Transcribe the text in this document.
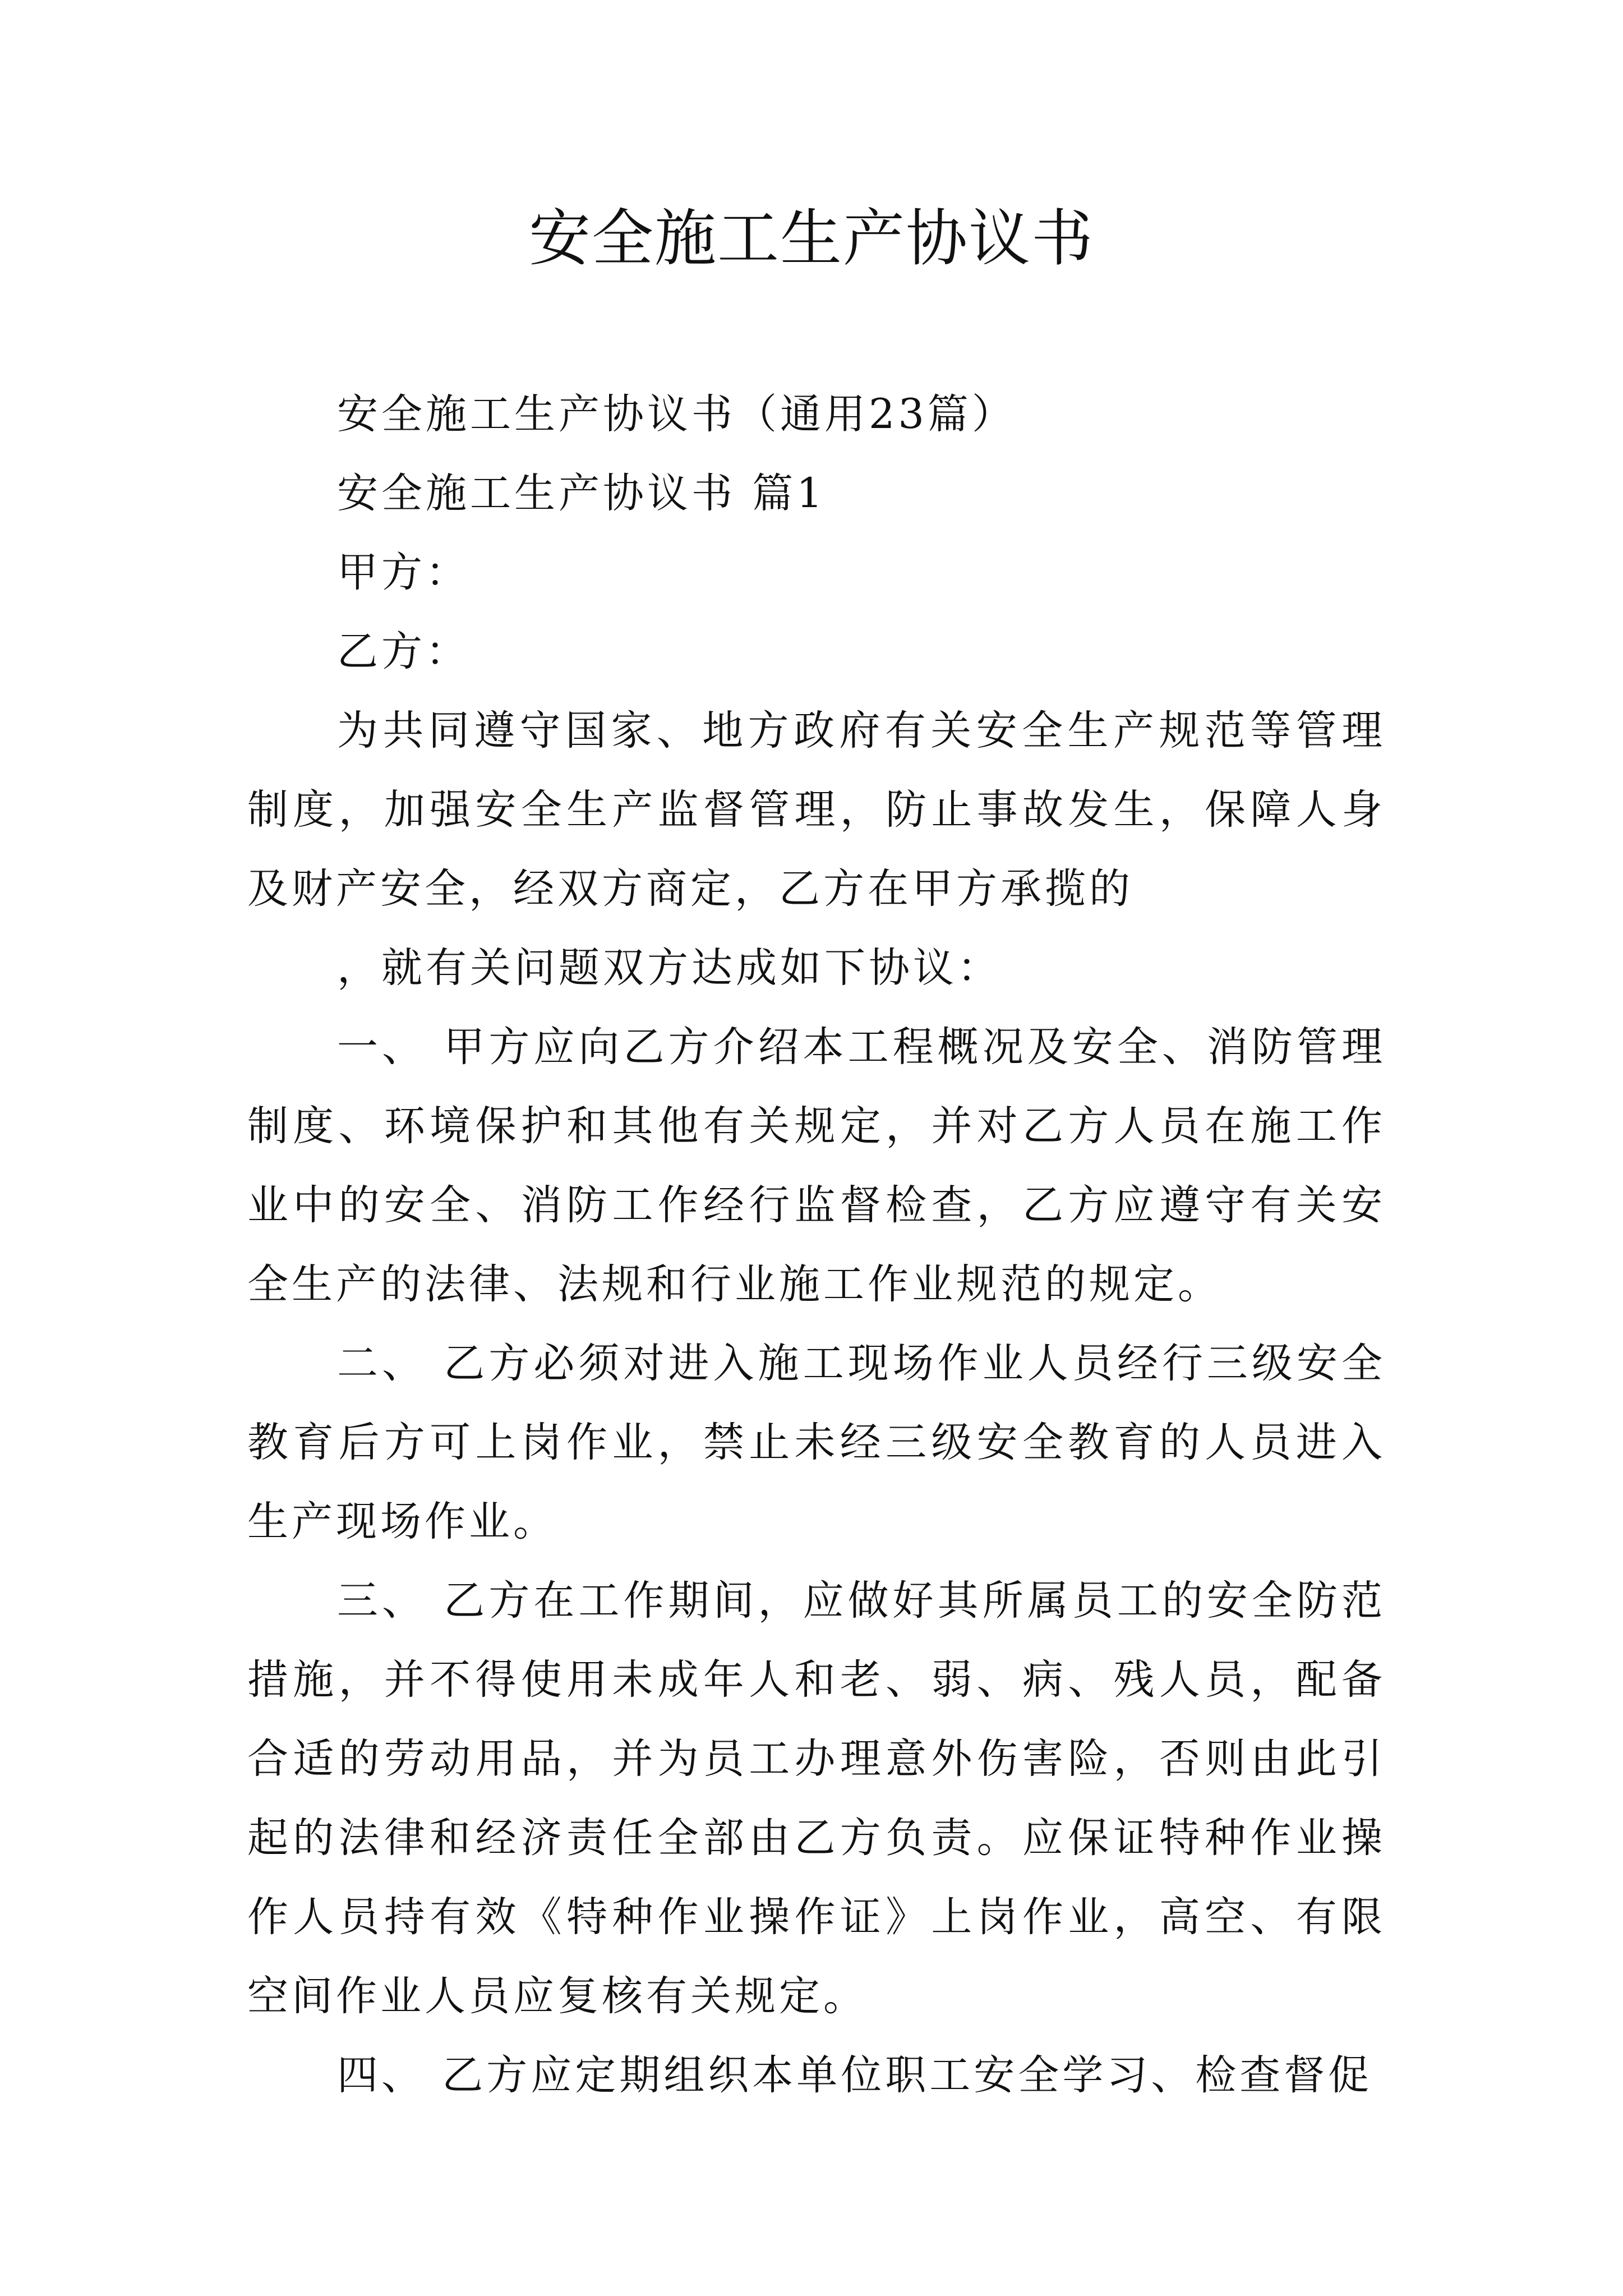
安全施工生产协议书

安全施工生产协议书（通用23篇）

安全施工生产协议书 篇1

甲方：

乙方：

为共同遵守国家、地方政府有关安全生产规范等管理制度，加强安全生产监督管理，防止事故发生，保障人身及财产安全，经双方商定，乙方在甲方承揽的

，就有关问题双方达成如下协议：

一、 甲方应向乙方介绍本工程概况及安全、消防管理制度、环境保护和其他有关规定，并对乙方人员在施工作业中的安全、消防工作经行监督检查，乙方应遵守有关安全生产的法律、法规和行业施工作业规范的规定。

二、 乙方必须对进入施工现场作业人员经行三级安全教育后方可上岗作业，禁止未经三级安全教育的人员进入生产现场作业。

三、 乙方在工作期间，应做好其所属员工的安全防范措施，并不得使用未成年人和老、弱、病、残人员，配备合适的劳动用品，并为员工办理意外伤害险，否则由此引起的法律和经济责任全部由乙方负责。应保证特种作业操作人员持有效《特种作业操作证》上岗作业，高空、有限空间作业人员应复核有关规定。

四、 乙方应定期组织本单位职工安全学习、检查督促
